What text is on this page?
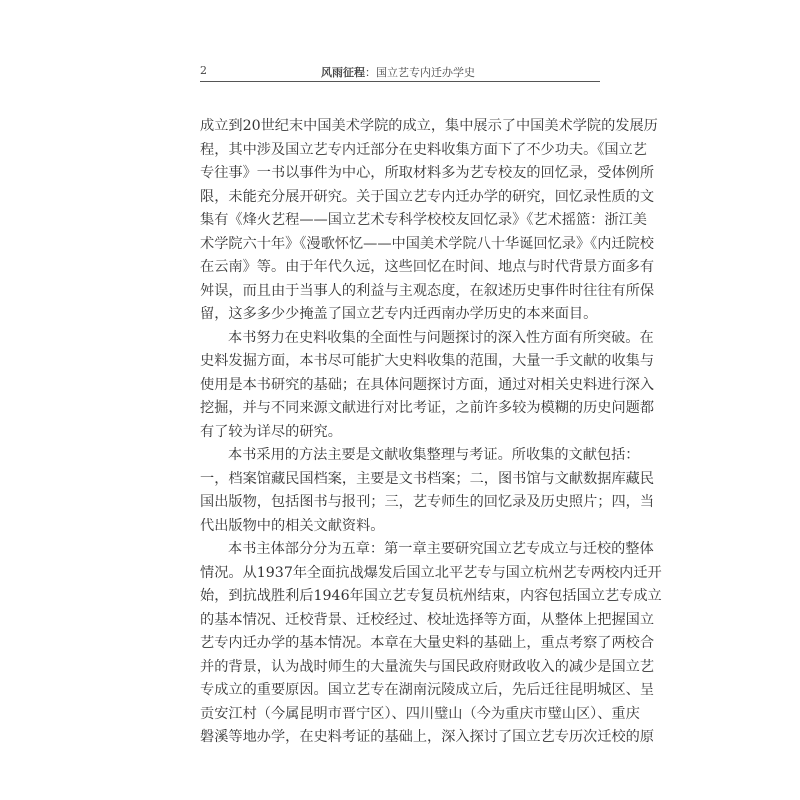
2	风雨征程：国立艺专内迁办学史
成立到20世纪末中国美术学院的成立，集中展示了中国美术学院的发展历
程，其中涉及国立艺专内迁部分在史料收集方面下了不少功夫。《国立艺
专往事》一书以事件为中心，所取材料多为艺专校友的回忆录，受体例所
限，未能充分展开研究。关于国立艺专内迁办学的研究，回忆录性质的文
集有《烽火艺程——国立艺术专科学校校友回忆录》《艺术摇篮：浙江美
术学院六十年》《漫歌怀忆——中国美术学院八十华诞回忆录》《内迁院校
在云南》等。由于年代久远，这些回忆在时间、地点与时代背景方面多有
舛误，而且由于当事人的利益与主观态度，在叙述历史事件时往往有所保
留，这多多少少掩盖了国立艺专内迁西南办学历史的本来面目。
本书努力在史料收集的全面性与问题探讨的深入性方面有所突破。在
史料发掘方面，本书尽可能扩大史料收集的范围，大量一手文献的收集与
使用是本书研究的基础；在具体问题探讨方面，通过对相关史料进行深入
挖掘，并与不同来源文献进行对比考证，之前许多较为模糊的历史问题都
有了较为详尽的研究。
本书采用的方法主要是文献收集整理与考证。所收集的文献包括：
一，档案馆藏民国档案，主要是文书档案；二，图书馆与文献数据库藏民
国出版物，包括图书与报刊；三，艺专师生的回忆录及历史照片；四，当
代出版物中的相关文献资料。
本书主体部分分为五章：第一章主要研究国立艺专成立与迁校的整体
情况。从1937年全面抗战爆发后国立北平艺专与国立杭州艺专两校内迁开
始，到抗战胜利后1946年国立艺专复员杭州结束，内容包括国立艺专成立
的基本情况、迁校背景、迁校经过、校址选择等方面，从整体上把握国立
艺专内迁办学的基本情况。本章在大量史料的基础上，重点考察了两校合
并的背景，认为战时师生的大量流失与国民政府财政收入的减少是国立艺
专成立的重要原因。国立艺专在湖南沅陵成立后，先后迁往昆明城区、呈
贡安江村（今属昆明市晋宁区）、四川璧山（今为重庆市璧山区）、重庆
磐溪等地办学，在史料考证的基础上，深入探讨了国立艺专历次迁校的原
